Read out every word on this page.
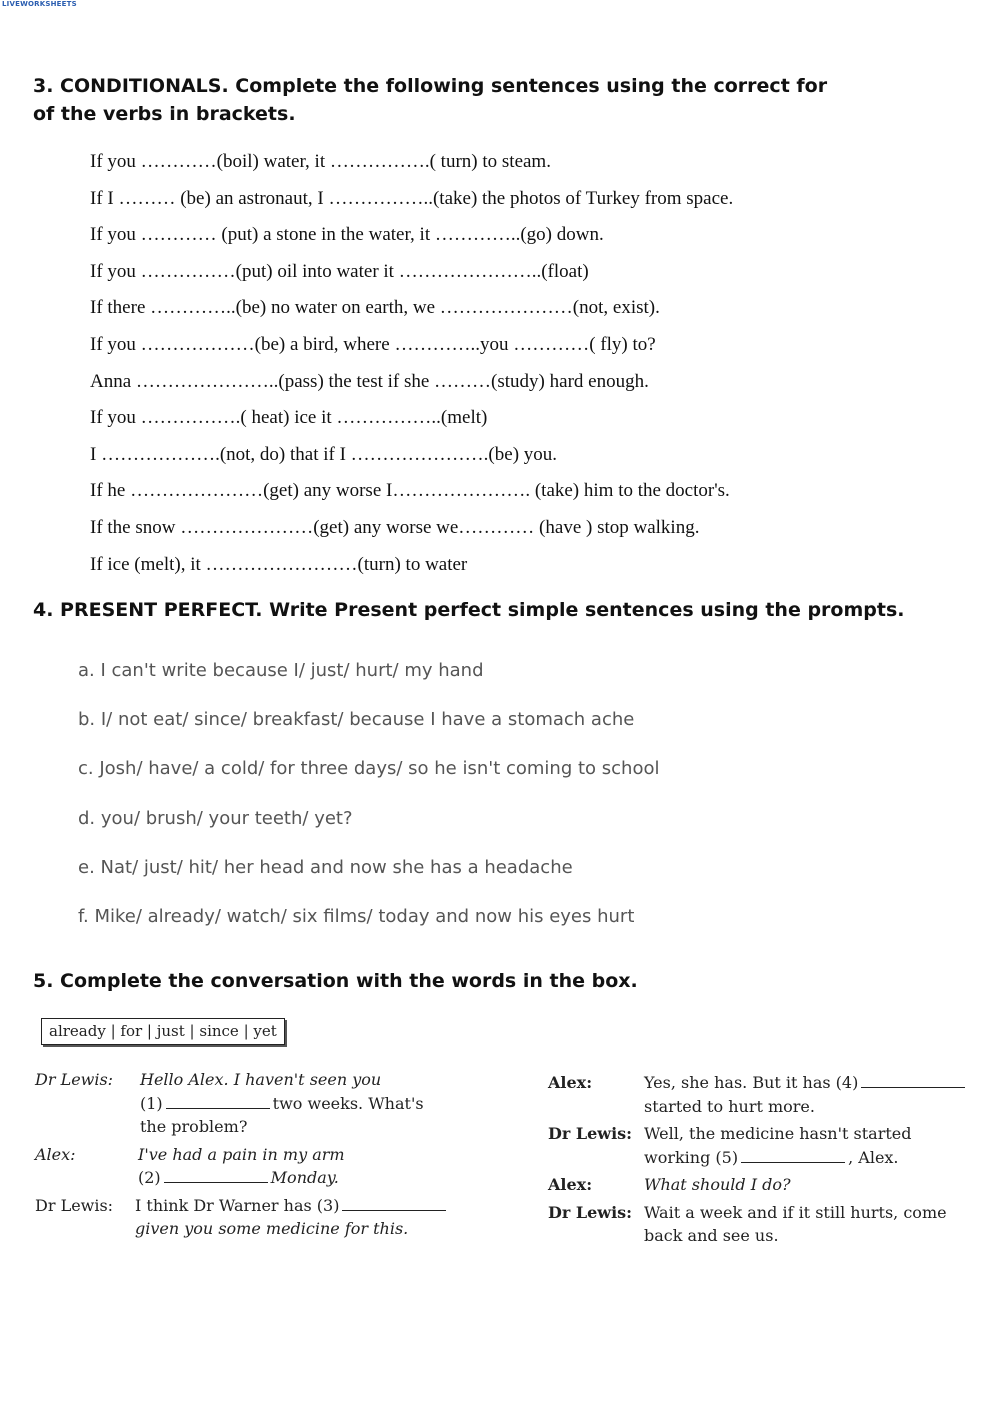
LIVEWORKSHEETS
3. CONDITIONALS. Complete the following sentences using the correct for of the verbs in brackets.
If you …………(boil) water, it …………….( turn) to steam.
If I ……… (be) an astronaut, I ……………..(take) the photos of Turkey from space.
If you ………… (put) a stone in the water, it …………..(go) down.
If you ……………(put) oil into water it …………………..(float)
If there …………..(be) no water on earth, we …………………(not, exist).
If you ………………(be) a bird, where …………..you …………( fly) to?
Anna …………………..(pass) the test if she ………(study) hard enough.
If you …………….( heat) ice it ……………..(melt)
I ……………….(not, do) that if I ………………….(be) you.
If he …………………(get) any worse I…………………. (take) him to the doctor's.
If the snow …………………(get) any worse we………… (have ) stop walking.
If ice (melt), it ……………………(turn) to water
4. PRESENT PERFECT. Write Present perfect simple sentences using the prompts.
a. I can't write because I/ just/ hurt/ my hand
b. I/ not eat/ since/ breakfast/ because I have a stomach ache
c. Josh/ have/ a cold/ for three days/ so he isn't coming to school
d. you/ brush/ your teeth/ yet?
e. Nat/ just/ hit/ her head and now she has a headache
f. Mike/ already/ watch/ six films/ today and now his eyes hurt
5. Complete the conversation with the words in the box.
already | for | just | since | yet
Dr Lewis:	Hello Alex. I haven't seen you
(1)	two weeks. What's
the problem?
Alex:	I've had a pain in my arm
(2)	Monday.
Dr Lewis:	I think Dr Warner has (3)
given you some medicine for this.
Alex:	Yes, she has. But it has (4)
started to hurt more.
Dr Lewis: Well, the medicine hasn't started
working (5)	, Alex.
Alex:	What should I do?
Dr Lewis: Wait a week and if it still hurts, come
back and see us.
